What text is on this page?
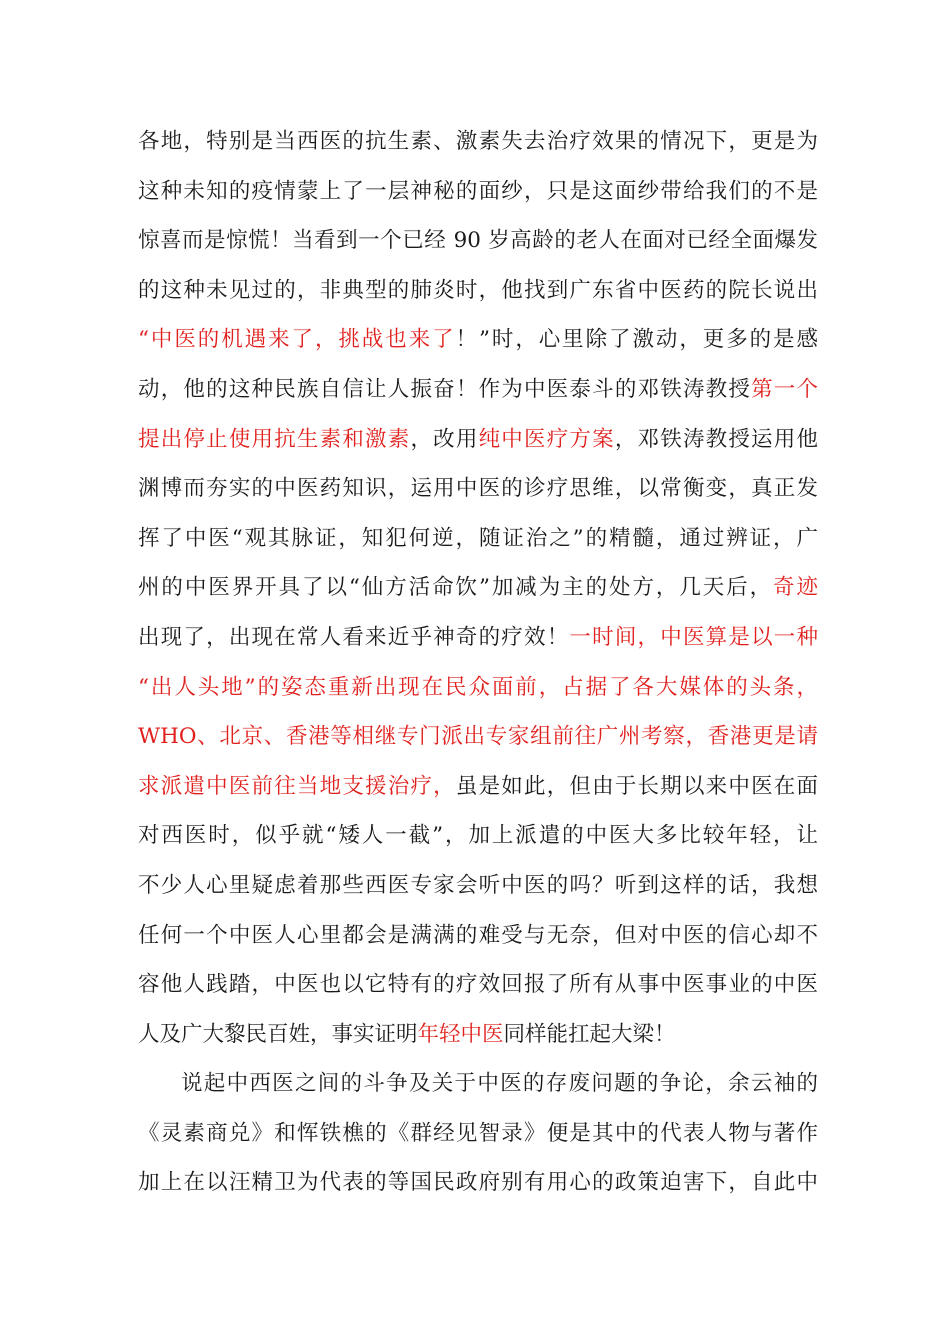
各地，特别是当西医的抗生素、激素失去治疗效果的情况下，更是为
这种未知的疫情蒙上了一层神秘的面纱，只是这面纱带给我们的不是
惊喜而是惊慌！当看到一个已经 90 岁高龄的老人在面对已经全面爆发
的这种未见过的，非典型的肺炎时，他找到广东省中医药的院长说出
“中医的机遇来了，挑战也来了！”时，心里除了激动，更多的是感
动，他的这种民族自信让人振奋！作为中医泰斗的邓铁涛教授第一个
提出停止使用抗生素和激素，改用纯中医疗方案，邓铁涛教授运用他
渊博而夯实的中医药知识，运用中医的诊疗思维，以常衡变，真正发
挥了中医“观其脉证，知犯何逆，随证治之”的精髓，通过辨证，广
州的中医界开具了以“仙方活命饮”加减为主的处方，几天后，奇迹
出现了，出现在常人看来近乎神奇的疗效！一时间，中医算是以一种
“出人头地”的姿态重新出现在民众面前，占据了各大媒体的头条，
WHO、北京、香港等相继专门派出专家组前往广州考察，香港更是请
求派遣中医前往当地支援治疗，虽是如此，但由于长期以来中医在面
对西医时，似乎就“矮人一截”，加上派遣的中医大多比较年轻，让
不少人心里疑虑着那些西医专家会听中医的吗？听到这样的话，我想
任何一个中医人心里都会是满满的难受与无奈，但对中医的信心却不
容他人践踏，中医也以它特有的疗效回报了所有从事中医事业的中医
人及广大黎民百姓，事实证明年轻中医同样能扛起大梁！
说起中西医之间的斗争及关于中医的存废问题的争论，余云袖的
《灵素商兑》和恽铁樵的《群经见智录》便是其中的代表人物与著作
加上在以汪精卫为代表的等国民政府别有用心的政策迫害下，自此中
